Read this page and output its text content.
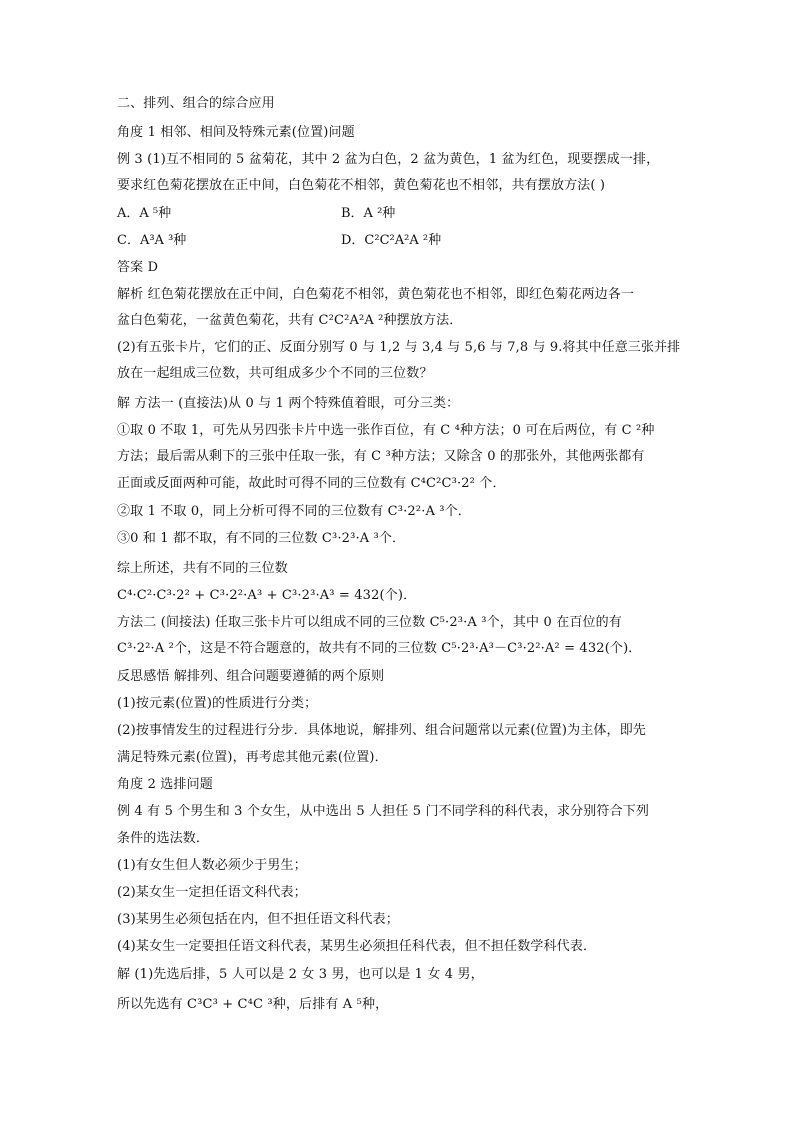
二、排列、组合的综合应用
角度 1 相邻、相间及特殊元素(位置)问题
例 3 (1)互不相同的 5 盆菊花，其中 2 盆为白色，2 盆为黄色，1 盆为红色，现要摆成一排，
要求红色菊花摆放在正中间，白色菊花不相邻，黄色菊花也不相邻，共有摆放方法( )
A．A ⁵种	B．A ²种
C．A³A ³种	D．C²C²A²A ²种
答案 D
解析 红色菊花摆放在正中间，白色菊花不相邻，黄色菊花也不相邻，即红色菊花两边各一
盆白色菊花，一盆黄色菊花，共有 C²C²A²A ²种摆放方法．
(2)有五张卡片，它们的正、反面分别写 0 与 1,2 与 3,4 与 5,6 与 7,8 与 9.将其中任意三张并排
放在一起组成三位数，共可组成多少个不同的三位数？
解 方法一 (直接法)从 0 与 1 两个特殊值着眼，可分三类：
①取 0 不取 1，可先从另四张卡片中选一张作百位，有 C ⁴种方法；0 可在后两位，有 C ²种
方法；最后需从剩下的三张中任取一张，有 C ³种方法；又除含 0 的那张外，其他两张都有
正面或反面两种可能，故此时可得不同的三位数有 C⁴C²C³·2² 个．
②取 1 不取 0，同上分析可得不同的三位数有 C³·2²·A ³个．
③0 和 1 都不取，有不同的三位数 C³·2³·A ³个．
综上所述，共有不同的三位数
C⁴·C²·C³·2² + C³·2²·A³ + C³·2³·A³ = 432(个)．
方法二 (间接法) 任取三张卡片可以组成不同的三位数 C⁵·2³·A ³个，其中 0 在百位的有
C³·2²·A ²个，这是不符合题意的，故共有不同的三位数 C⁵·2³·A³－C³·2²·A² = 432(个)．
反思感悟 解排列、组合问题要遵循的两个原则
(1)按元素(位置)的性质进行分类；
(2)按事情发生的过程进行分步．具体地说，解排列、组合问题常以元素(位置)为主体，即先
满足特殊元素(位置)，再考虑其他元素(位置)．
角度 2 选排问题
例 4 有 5 个男生和 3 个女生，从中选出 5 人担任 5 门不同学科的科代表，求分别符合下列
条件的选法数．
(1)有女生但人数必须少于男生；
(2)某女生一定担任语文科代表；
(3)某男生必须包括在内，但不担任语文科代表；
(4)某女生一定要担任语文科代表，某男生必须担任科代表，但不担任数学科代表．
解 (1)先选后排，5 人可以是 2 女 3 男，也可以是 1 女 4 男，
所以先选有 C³C³ + C⁴C ³种，后排有 A ⁵种，
